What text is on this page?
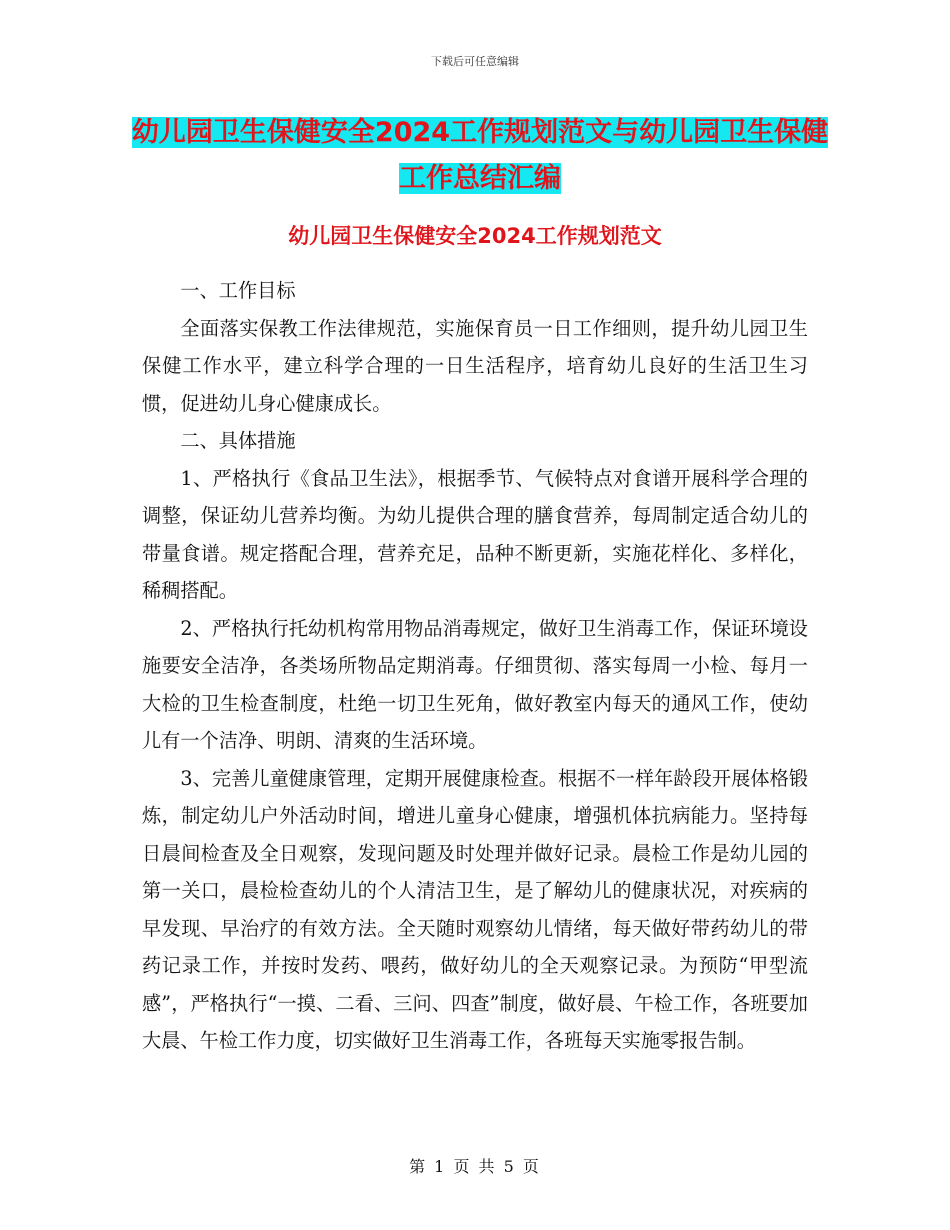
下载后可任意编辑
幼儿园卫生保健安全2024工作规划范文与幼儿园卫生保健工作总结汇编
幼儿园卫生保健安全2024工作规划范文

一、工作目标

全面落实保教工作法律规范，实施保育员一日工作细则，提升幼儿园卫生保健工作水平，建立科学合理的一日生活程序，培育幼儿良好的生活卫生习惯，促进幼儿身心健康成长。

二、具体措施

1、严格执行《食品卫生法》，根据季节、气候特点对食谱开展科学合理的调整，保证幼儿营养均衡。为幼儿提供合理的膳食营养，每周制定适合幼儿的带量食谱。规定搭配合理，营养充足，品种不断更新，实施花样化、多样化，稀稠搭配。

2、严格执行托幼机构常用物品消毒规定，做好卫生消毒工作，保证环境设施要安全洁净，各类场所物品定期消毒。仔细贯彻、落实每周一小检、每月一大检的卫生检查制度，杜绝一切卫生死角，做好教室内每天的通风工作，使幼儿有一个洁净、明朗、清爽的生活环境。

3、完善儿童健康管理，定期开展健康检查。根据不一样年龄段开展体格锻炼，制定幼儿户外活动时间，增进儿童身心健康，增强机体抗病能力。坚持每日晨间检查及全日观察，发现问题及时处理并做好记录。晨检工作是幼儿园的第一关口，晨检检查幼儿的个人清洁卫生，是了解幼儿的健康状况，对疾病的早发现、早治疗的有效方法。全天随时观察幼儿情绪，每天做好带药幼儿的带药记录工作，并按时发药、喂药，做好幼儿的全天观察记录。为预防“甲型流感”，严格执行“一摸、二看、三问、四查”制度，做好晨、午检工作，各班要加大晨、午检工作力度，切实做好卫生消毒工作，各班每天实施零报告制。

第 1 页 共 5 页
